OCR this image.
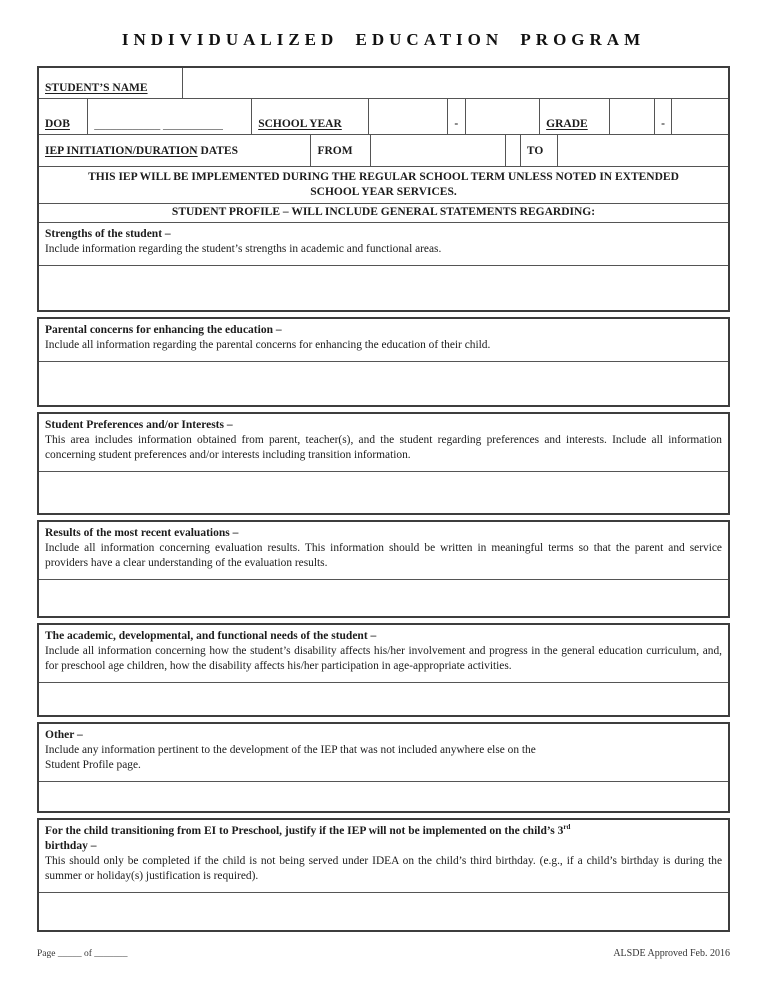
INDIVIDUALIZED EDUCATION PROGRAM
STUDENT’S NAME
DOB ____________ ___________	SCHOOL YEAR	-	GRADE	-
IEP INITIATION/DURATION DATES	FROM	TO
THIS IEP WILL BE IMPLEMENTED DURING THE REGULAR SCHOOL TERM UNLESS NOTED IN EXTENDED
SCHOOL YEAR SERVICES.
STUDENT PROFILE – WILL INCLUDE GENERAL STATEMENTS REGARDING:
Strengths of the student –
Include information regarding the student’s strengths in academic and functional areas.
Parental concerns for enhancing the education –
Include all information regarding the parental concerns for enhancing the education of their child.
Student Preferences and/or Interests –
This area includes information obtained from parent, teacher(s), and the student regarding preferences and interests. Include all information concerning student preferences and/or interests including transition information.
Results of the most recent evaluations –
Include all information concerning evaluation results. This information should be written in meaningful terms so that the parent and service providers have a clear understanding of the evaluation results.
The academic, developmental, and functional needs of the student –
Include all information concerning how the student’s disability affects his/her involvement and progress in the general education curriculum, and, for preschool age children, how the disability affects his/her participation in age-appropriate activities.
Other –
Include any information pertinent to the development of the IEP that was not included anywhere else on the
Student Profile page.
For the child transitioning from EI to Preschool, justify if the IEP will not be implemented on the child’s 3rd
birthday –
This should only be completed if the child is not being served under IDEA on the child’s third birthday. (e.g., if a child’s birthday is during the summer or holiday(s) justification is required).
Page _____ of _______	ALSDE Approved Feb. 2016
